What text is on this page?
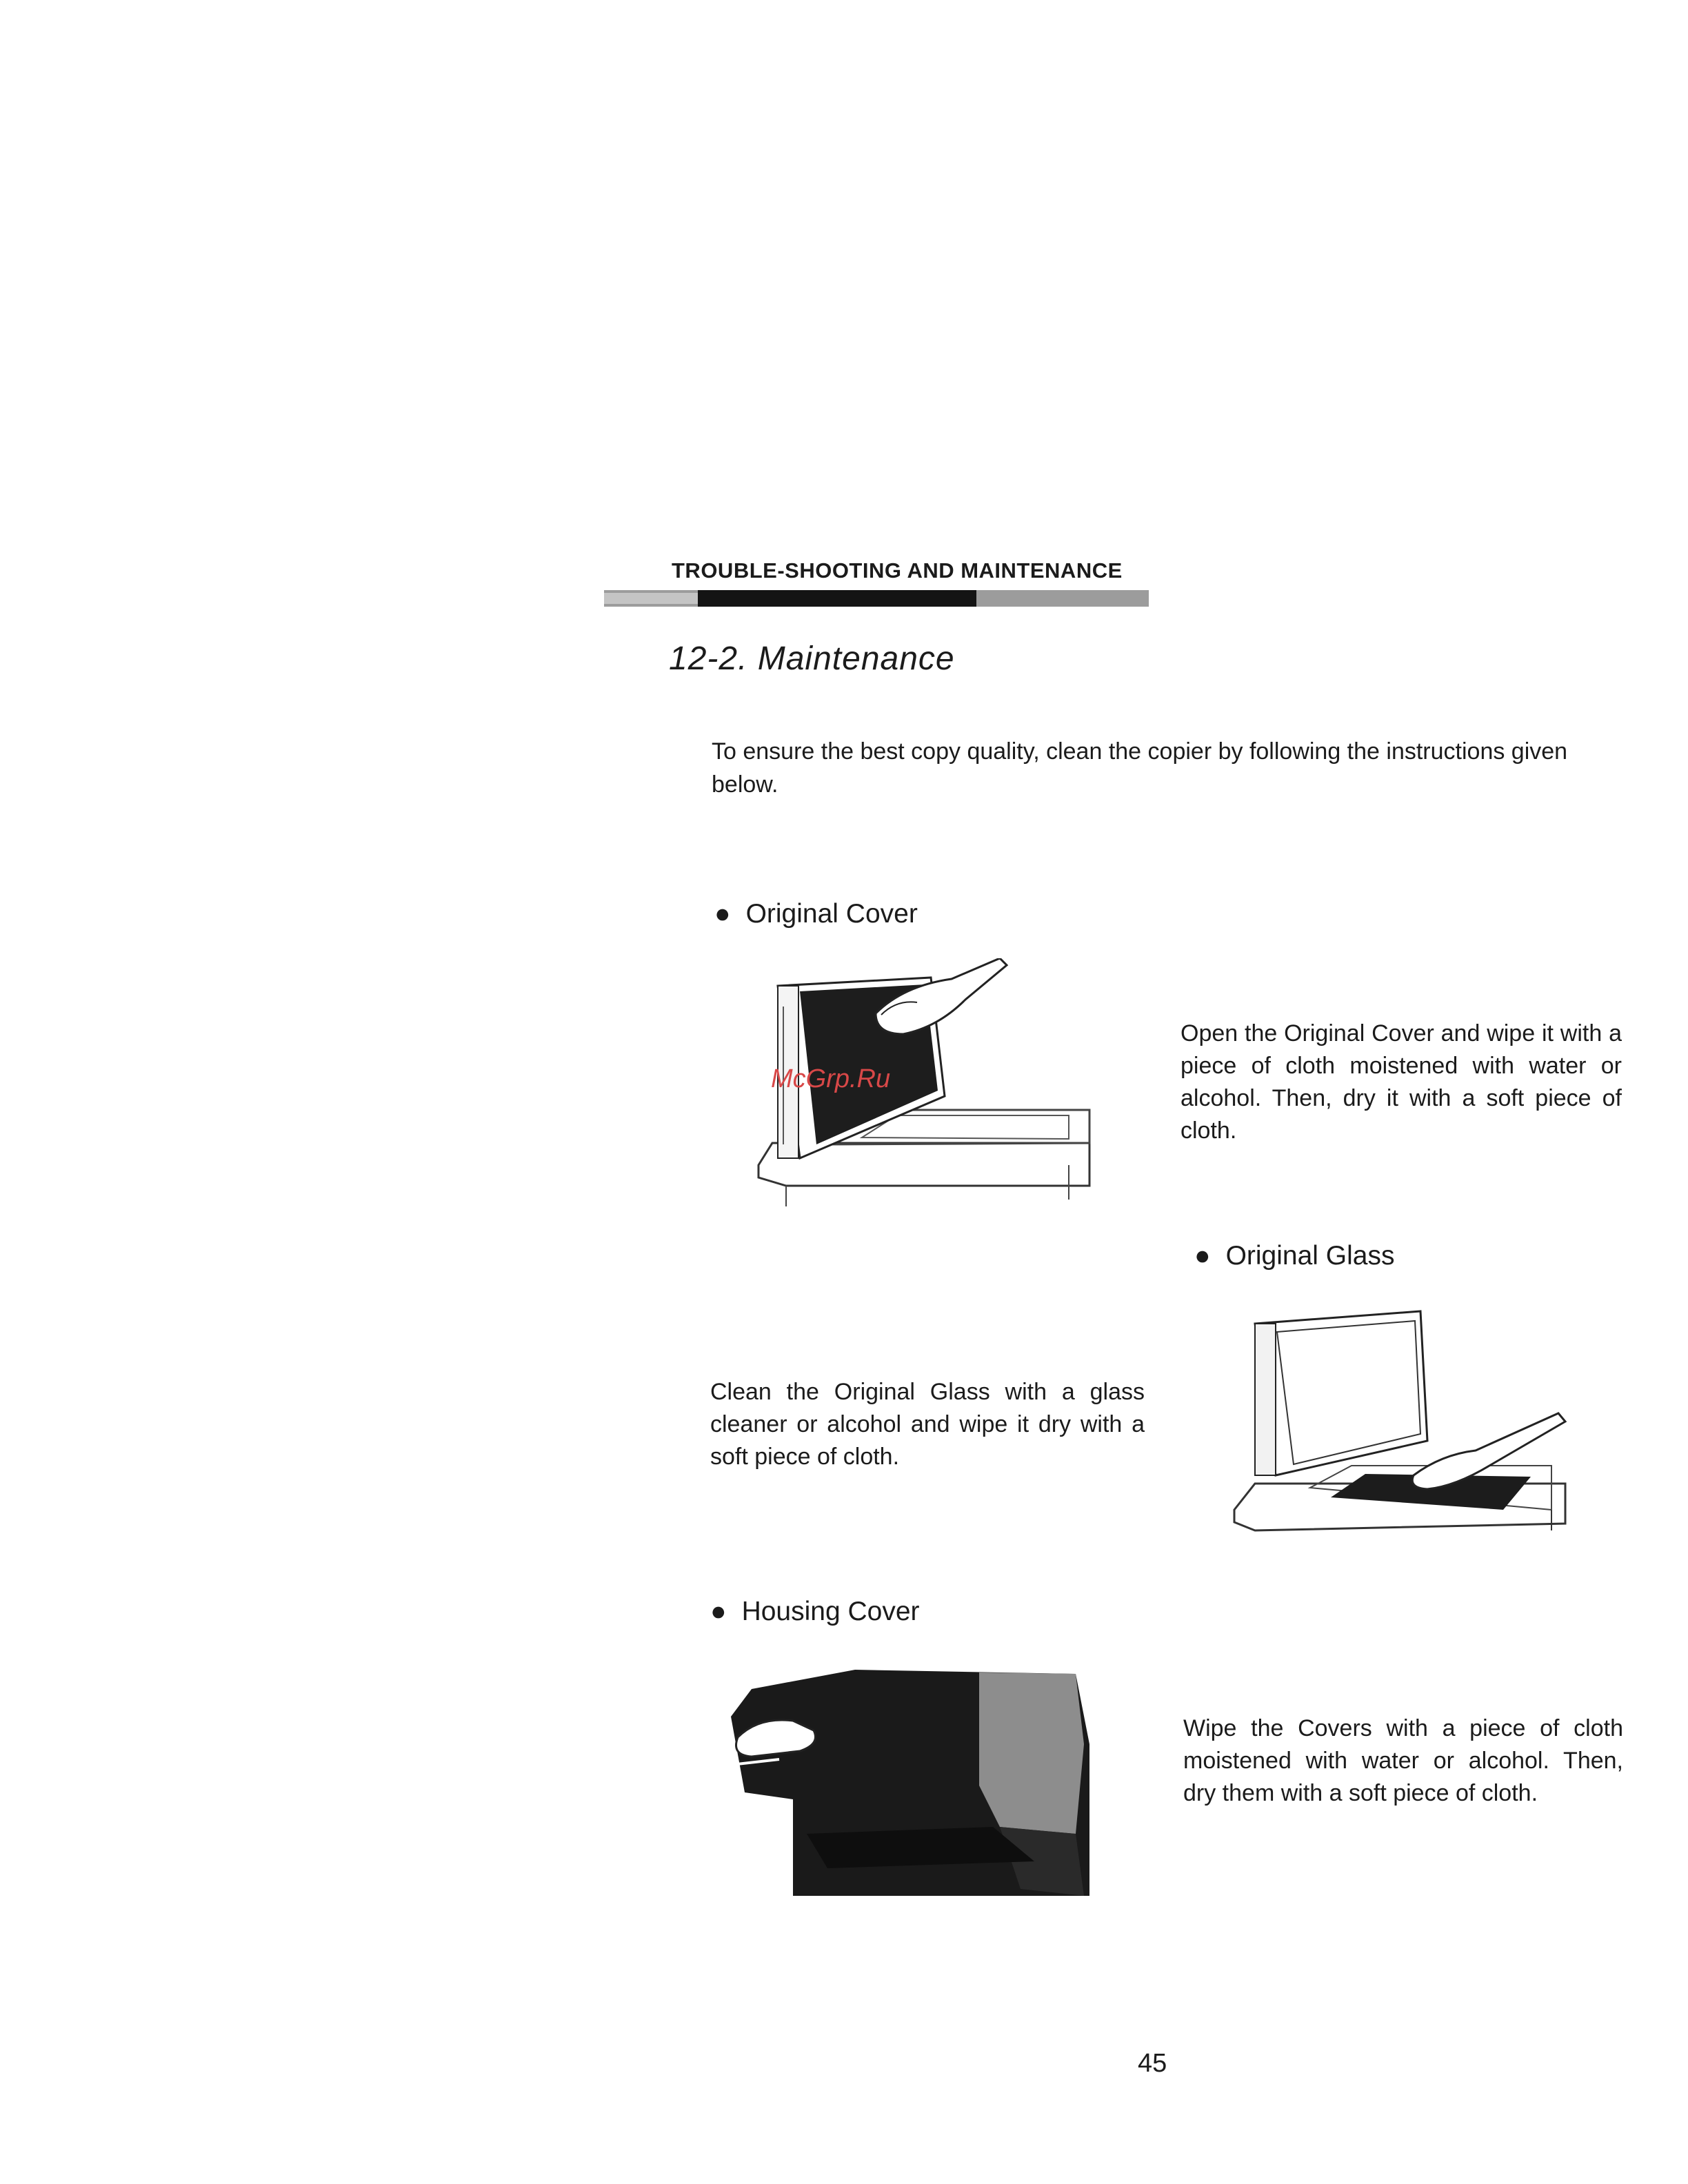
TROUBLE-SHOOTING AND MAINTENANCE
12-2. Maintenance
To ensure the best copy quality, clean the copier by following the instructions given below.
● Original Cover
McGrp.Ru
Open the Original Cover and wipe it with a piece of cloth moistened with water or alcohol. Then, dry it with a soft piece of cloth.
● Original Glass
Clean the Original Glass with a glass cleaner or alcohol and wipe it dry with a soft piece of cloth.
● Housing Cover
Wipe the Covers with a piece of cloth moistened with water or alcohol. Then, dry them with a soft piece of cloth.
45
